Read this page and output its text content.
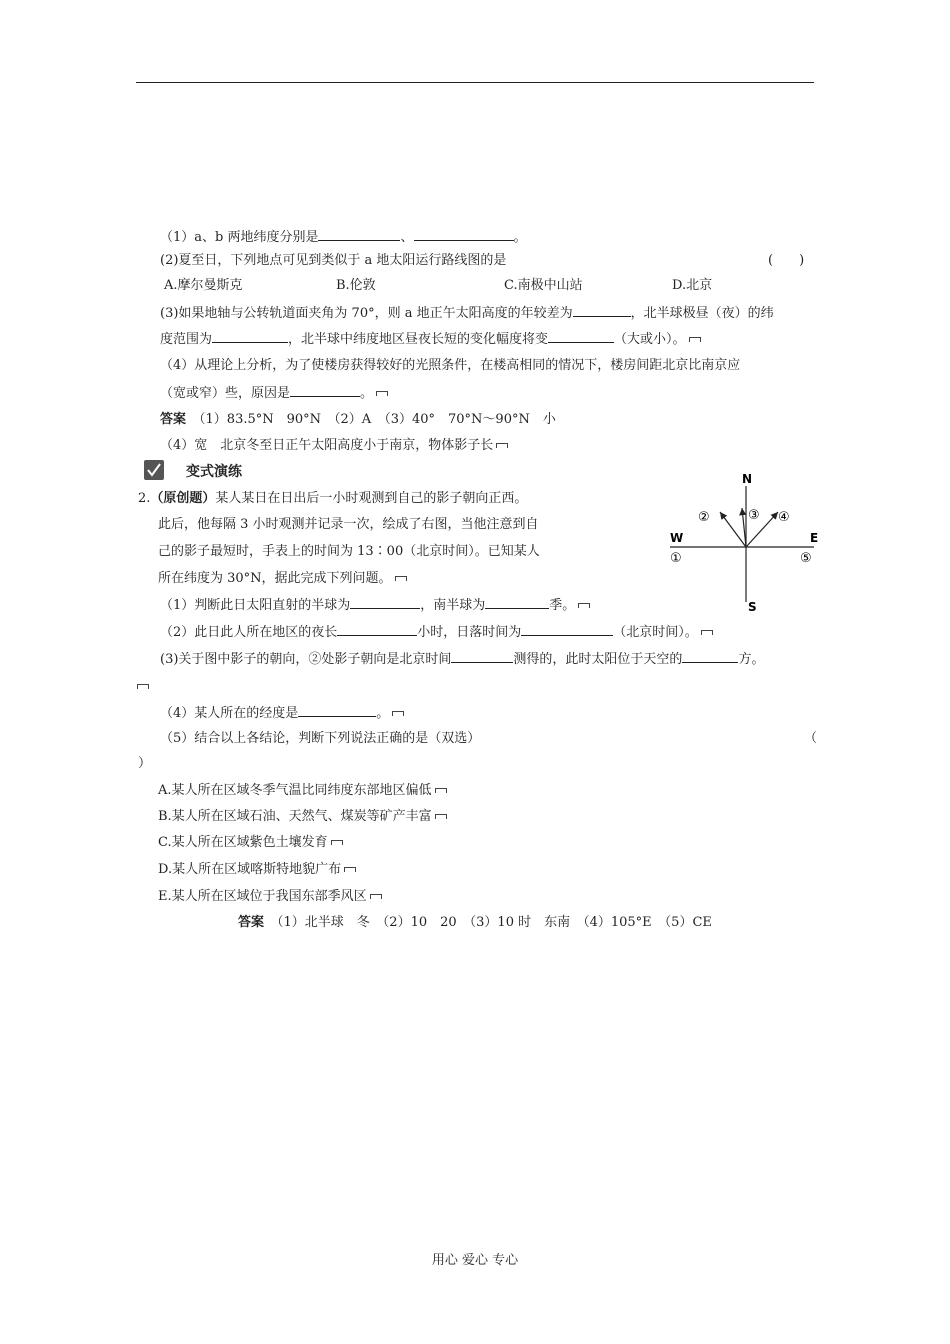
（1）a、b 两地纬度分别是	、	。
(2)夏至日，下列地点可见到类似于 a 地太阳运行路线图的是	(　　)
A.摩尔曼斯克	B.伦敦	C.南极中山站	D.北京
(3)如果地轴与公转轨道面夹角为 70°，则 a 地正午太阳高度的年较差为	，北半球极昼（夜）的纬
度范围为	，北半球中纬度地区昼夜长短的变化幅度将变	（大或小）。
（4）从理论上分析，为了使楼房获得较好的光照条件，在楼高相同的情况下，楼房间距北京比南京应
（宽或窄）些，原因是	。
答案　 （1）83.5°N　90°N　（2）A　（3）40°　70°N～90°N　小
（4）宽　北京冬至日正午太阳高度小于南京，物体影子长
变式演练
2.（原创题）某人某日在日出后一小时观测到自己的影子朝向正西。
此后，他每隔 3 小时观测并记录一次，绘成了右图，当他注意到自
己的影子最短时，手表上的时间为 13∶00（北京时间）。已知某人
所在纬度为 30°N，据此完成下列问题。
（1）判断此日太阳直射的半球为	，南半球为	季。
（2）此日此人所在地区的夜长	小时，日落时间为	（北京时间）。
(3)关于图中影子的朝向，②处影子朝向是北京时间	测得的，此时太阳位于天空的	方。
（4）某人所在的经度是	。
（5）结合以上各结论，判断下列说法正确的是（双选）	（
）
A.某人所在区域冬季气温比同纬度东部地区偏低
B.某人所在区域石油、天然气、煤炭等矿产丰富
C.某人所在区域紫色土壤发育
D.某人所在区域喀斯特地貌广布
E.某人所在区域位于我国东部季风区
答案　 （1）北半球　冬　（2）10　20　（3）10 时　东南　（4）105°E　（5）CE
N
S
W	E
①
②	③ ④
⑤
用心 爱心 专心
